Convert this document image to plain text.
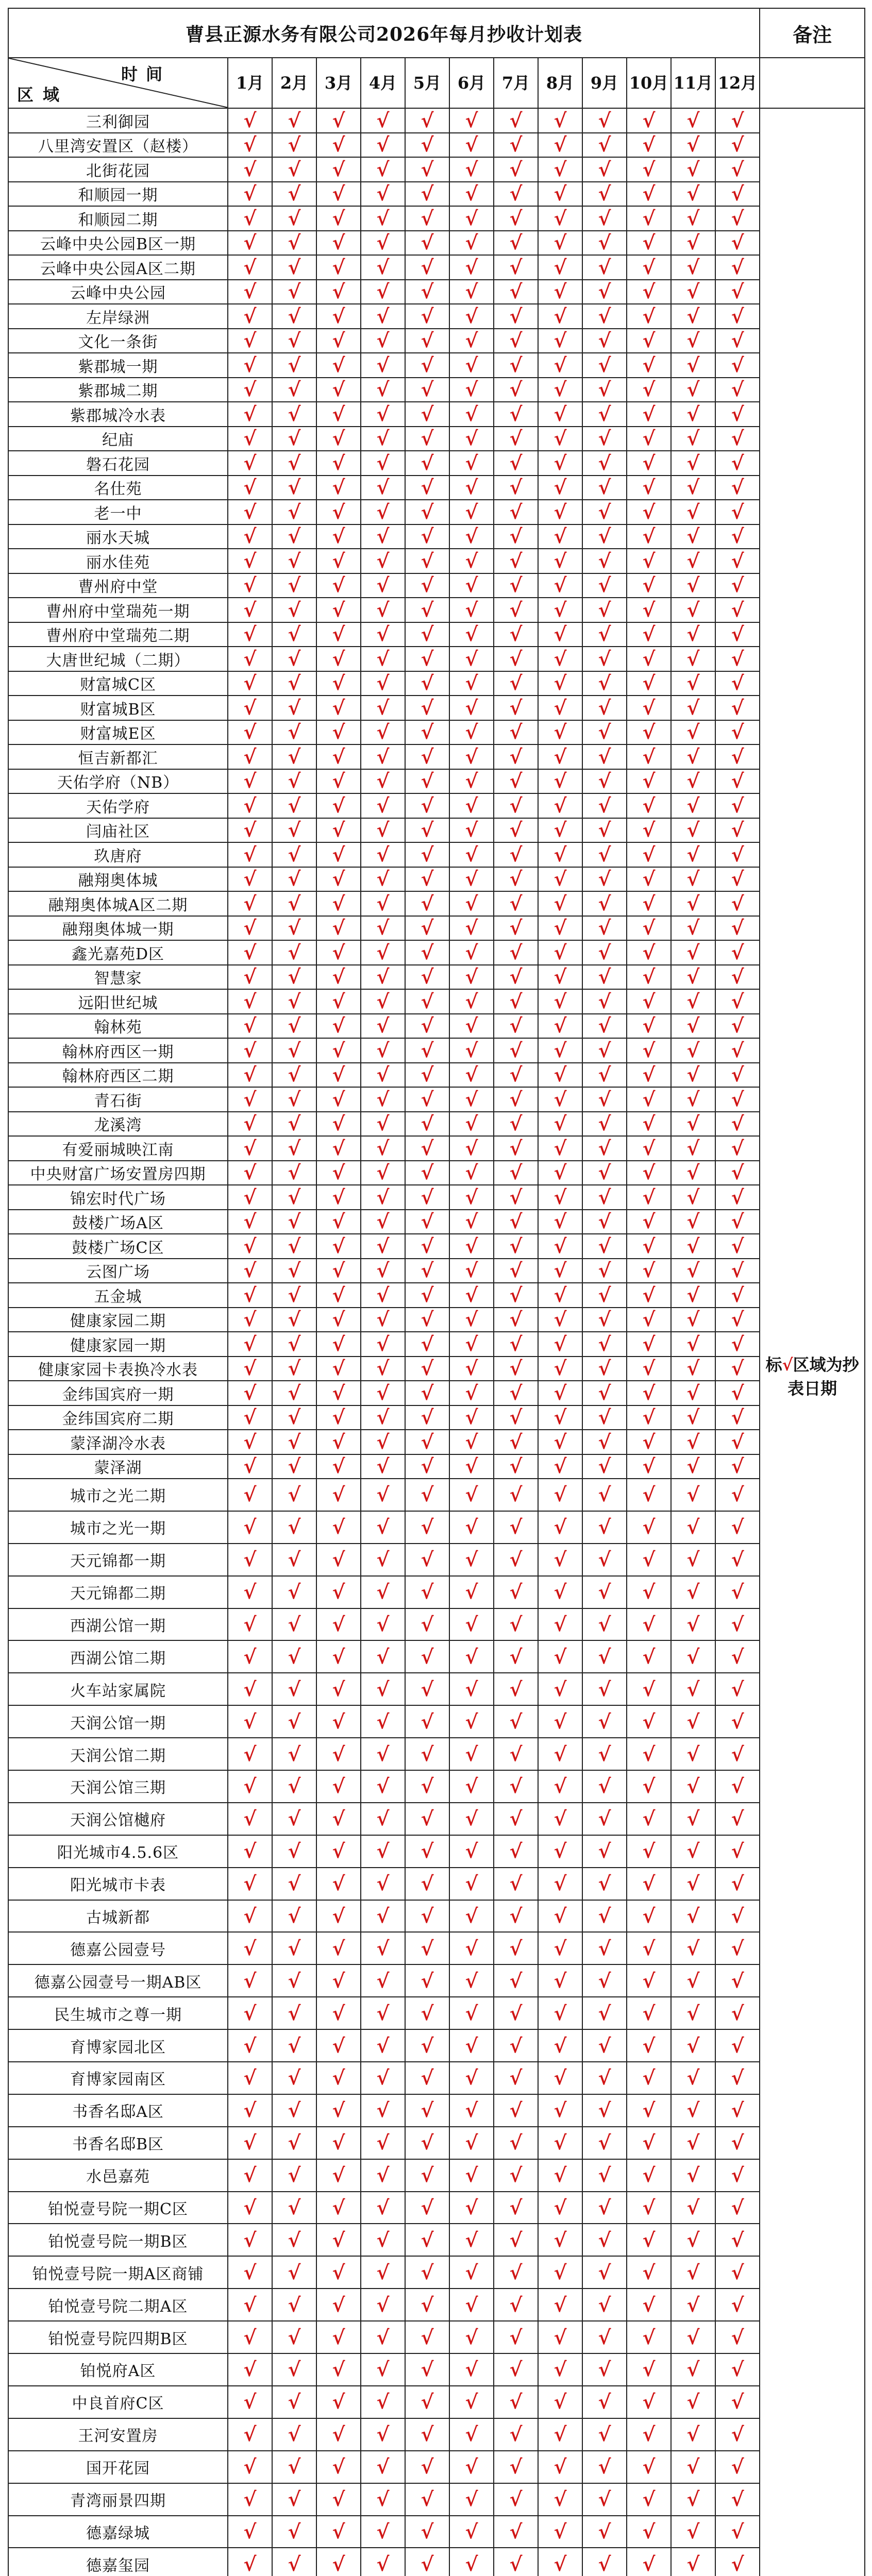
曹县正源水务有限公司2026年每月抄收计划表													备注

时间
区域	1月	2月	3月	4月	5月	6月	7月	8月	9月	10月	11月	12月	
三利御园	√	√	√	√	√	√	√	√	√	√	√	√	标√区域为抄表日期
八里湾安置区（赵楼）	√	√	√	√	√	√	√	√	√	√	√	√	
北街花园	√	√	√	√	√	√	√	√	√	√	√	√	
和顺园一期	√	√	√	√	√	√	√	√	√	√	√	√	
和顺园二期	√	√	√	√	√	√	√	√	√	√	√	√	
云峰中央公园B区一期	√	√	√	√	√	√	√	√	√	√	√	√	
云峰中央公园A区二期	√	√	√	√	√	√	√	√	√	√	√	√	
云峰中央公园	√	√	√	√	√	√	√	√	√	√	√	√	
左岸绿洲	√	√	√	√	√	√	√	√	√	√	√	√	
文化一条街	√	√	√	√	√	√	√	√	√	√	√	√	
紫郡城一期	√	√	√	√	√	√	√	√	√	√	√	√	
紫郡城二期	√	√	√	√	√	√	√	√	√	√	√	√	
紫郡城冷水表	√	√	√	√	√	√	√	√	√	√	√	√	
纪庙	√	√	√	√	√	√	√	√	√	√	√	√	
磐石花园	√	√	√	√	√	√	√	√	√	√	√	√	
名仕苑	√	√	√	√	√	√	√	√	√	√	√	√	
老一中	√	√	√	√	√	√	√	√	√	√	√	√	
丽水天城	√	√	√	√	√	√	√	√	√	√	√	√	
丽水佳苑	√	√	√	√	√	√	√	√	√	√	√	√	
曹州府中堂	√	√	√	√	√	√	√	√	√	√	√	√	
曹州府中堂瑞苑一期	√	√	√	√	√	√	√	√	√	√	√	√	
曹州府中堂瑞苑二期	√	√	√	√	√	√	√	√	√	√	√	√	
大唐世纪城（二期）	√	√	√	√	√	√	√	√	√	√	√	√	
财富城C区	√	√	√	√	√	√	√	√	√	√	√	√	
财富城B区	√	√	√	√	√	√	√	√	√	√	√	√	
财富城E区	√	√	√	√	√	√	√	√	√	√	√	√	
恒吉新都汇	√	√	√	√	√	√	√	√	√	√	√	√	
天佑学府（NB）	√	√	√	√	√	√	√	√	√	√	√	√	
天佑学府	√	√	√	√	√	√	√	√	√	√	√	√	
闫庙社区	√	√	√	√	√	√	√	√	√	√	√	√	
玖唐府	√	√	√	√	√	√	√	√	√	√	√	√	
融翔奥体城	√	√	√	√	√	√	√	√	√	√	√	√	
融翔奥体城A区二期	√	√	√	√	√	√	√	√	√	√	√	√	
融翔奥体城一期	√	√	√	√	√	√	√	√	√	√	√	√	
鑫光嘉苑D区	√	√	√	√	√	√	√	√	√	√	√	√	
智慧家	√	√	√	√	√	√	√	√	√	√	√	√	
远阳世纪城	√	√	√	√	√	√	√	√	√	√	√	√	
翰林苑	√	√	√	√	√	√	√	√	√	√	√	√	
翰林府西区一期	√	√	√	√	√	√	√	√	√	√	√	√	
翰林府西区二期	√	√	√	√	√	√	√	√	√	√	√	√	
青石街	√	√	√	√	√	√	√	√	√	√	√	√	
龙溪湾	√	√	√	√	√	√	√	√	√	√	√	√	
有爱丽城映江南	√	√	√	√	√	√	√	√	√	√	√	√	
中央财富广场安置房四期	√	√	√	√	√	√	√	√	√	√	√	√	
锦宏时代广场	√	√	√	√	√	√	√	√	√	√	√	√	
鼓楼广场A区	√	√	√	√	√	√	√	√	√	√	√	√	
鼓楼广场C区	√	√	√	√	√	√	√	√	√	√	√	√	
云图广场	√	√	√	√	√	√	√	√	√	√	√	√	
五金城	√	√	√	√	√	√	√	√	√	√	√	√	
健康家园二期	√	√	√	√	√	√	√	√	√	√	√	√	
健康家园一期	√	√	√	√	√	√	√	√	√	√	√	√	
健康家园卡表换冷水表	√	√	√	√	√	√	√	√	√	√	√	√	
金纬国宾府一期	√	√	√	√	√	√	√	√	√	√	√	√	
金纬国宾府二期	√	√	√	√	√	√	√	√	√	√	√	√	
蒙泽湖冷水表	√	√	√	√	√	√	√	√	√	√	√	√	
蒙泽湖	√	√	√	√	√	√	√	√	√	√	√	√	
城市之光二期	√	√	√	√	√	√	√	√	√	√	√	√	
城市之光一期	√	√	√	√	√	√	√	√	√	√	√	√	
天元锦都一期	√	√	√	√	√	√	√	√	√	√	√	√	
天元锦都二期	√	√	√	√	√	√	√	√	√	√	√	√	
西湖公馆一期	√	√	√	√	√	√	√	√	√	√	√	√	
西湖公馆二期	√	√	√	√	√	√	√	√	√	√	√	√	
火车站家属院	√	√	√	√	√	√	√	√	√	√	√	√	
天润公馆一期	√	√	√	√	√	√	√	√	√	√	√	√	
天润公馆二期	√	√	√	√	√	√	√	√	√	√	√	√	
天润公馆三期	√	√	√	√	√	√	√	√	√	√	√	√	
天润公馆樾府	√	√	√	√	√	√	√	√	√	√	√	√	
阳光城市4.5.6区	√	√	√	√	√	√	√	√	√	√	√	√	
阳光城市卡表	√	√	√	√	√	√	√	√	√	√	√	√	
古城新都	√	√	√	√	√	√	√	√	√	√	√	√	
德嘉公园壹号	√	√	√	√	√	√	√	√	√	√	√	√	
德嘉公园壹号一期AB区	√	√	√	√	√	√	√	√	√	√	√	√	
民生城市之尊一期	√	√	√	√	√	√	√	√	√	√	√	√	
育博家园北区	√	√	√	√	√	√	√	√	√	√	√	√	
育博家园南区	√	√	√	√	√	√	√	√	√	√	√	√	
书香名邸A区	√	√	√	√	√	√	√	√	√	√	√	√	
书香名邸B区	√	√	√	√	√	√	√	√	√	√	√	√	
水邑嘉苑	√	√	√	√	√	√	√	√	√	√	√	√	
铂悦壹号院一期C区	√	√	√	√	√	√	√	√	√	√	√	√	
铂悦壹号院一期B区	√	√	√	√	√	√	√	√	√	√	√	√	
铂悦壹号院一期A区商铺	√	√	√	√	√	√	√	√	√	√	√	√	
铂悦壹号院二期A区	√	√	√	√	√	√	√	√	√	√	√	√	
铂悦壹号院四期B区	√	√	√	√	√	√	√	√	√	√	√	√	
铂悦府A区	√	√	√	√	√	√	√	√	√	√	√	√	
中良首府C区	√	√	√	√	√	√	√	√	√	√	√	√	
王河安置房	√	√	√	√	√	√	√	√	√	√	√	√	
国开花园	√	√	√	√	√	√	√	√	√	√	√	√	
青湾丽景四期	√	√	√	√	√	√	√	√	√	√	√	√	
德嘉绿城	√	√	√	√	√	√	√	√	√	√	√	√	
德嘉玺园	√	√	√	√	√	√	√	√	√	√	√	√	
